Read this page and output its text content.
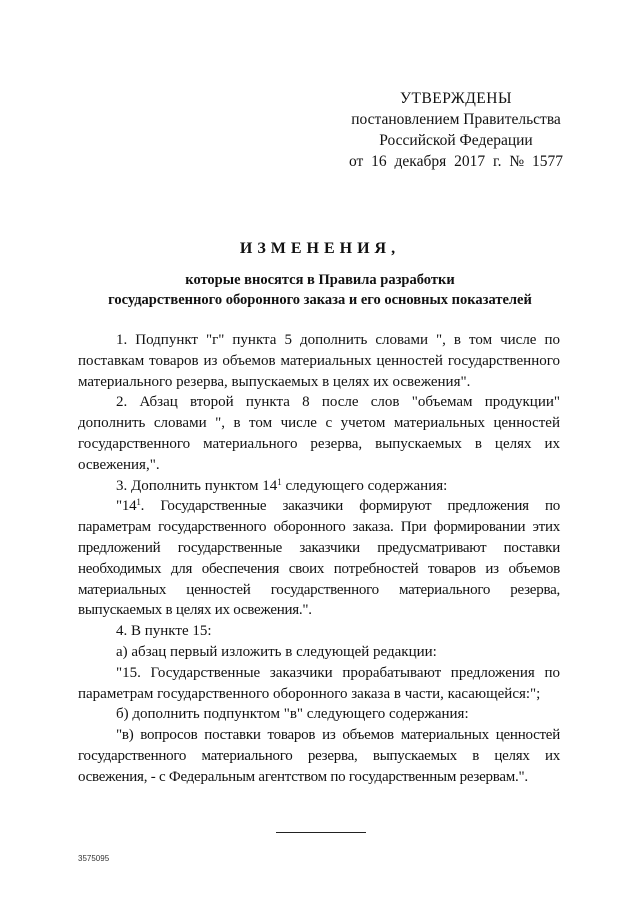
УТВЕРЖДЕНЫ
постановлением Правительства
Российской Федерации
от 16 декабря 2017 г. № 1577
ИЗМЕНЕНИЯ,
которые вносятся в Правила разработки
государственного оборонного заказа и его основных показателей

1. Подпункт "г" пункта 5 дополнить словами ", в том числе по поставкам товаров из объемов материальных ценностей государственного материального резерва, выпускаемых в целях их освежения".

2. Абзац второй пункта 8 после слов "объемам продукции" дополнить словами ", в том числе с учетом материальных ценностей государственного материального резерва, выпускаемых в целях их освежения,".

3. Дополнить пунктом $14^1$ следующего содержания:

"$14^1$. Государственные заказчики формируют предложения по параметрам государственного оборонного заказа. При формировании этих предложений государственные заказчики предусматривают поставки необходимых для обеспечения своих потребностей товаров из объемов материальных ценностей государственного материального резерва, выпускаемых в целях их освежения.".

4. В пункте 15:

а) абзац первый изложить в следующей редакции:

"15. Государственные заказчики прорабатывают предложения по параметрам государственного оборонного заказа в части, касающейся:";

б) дополнить подпунктом "в" следующего содержания:

"в) вопросов поставки товаров из объемов материальных ценностей государственного материального резерва, выпускаемых в целях их освежения, - с Федеральным агентством по государственным резервам.".

3575095
